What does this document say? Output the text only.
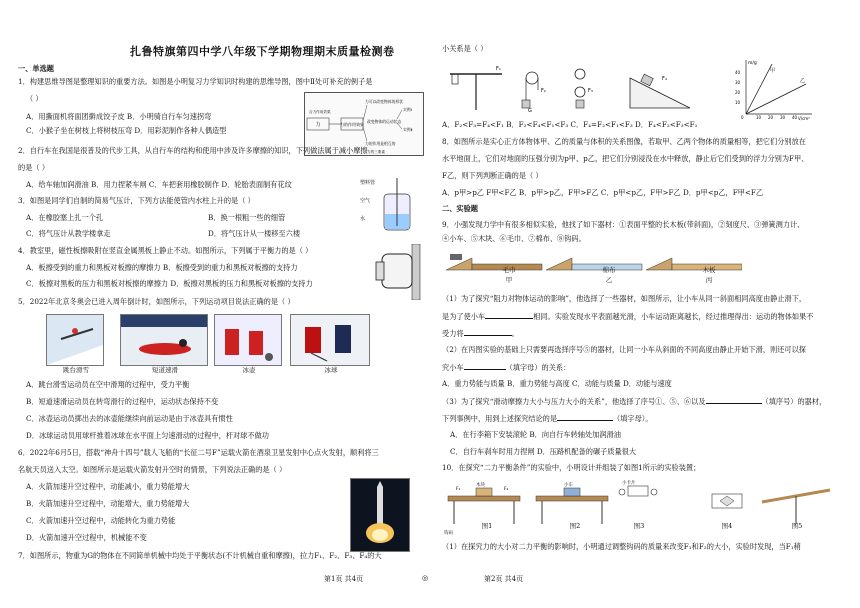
扎鲁特旗第四中学八年级下学期物理期末质量检测卷
一、单选题
1．构建思维导图是整理知识的重要方法。如图是小明复习力学知识时构建的思维导图，图中Ⅱ处可补充的例子是
（ ）
A．用撕面机将面团擀成饺子皮 B．小明骑自行车匀速拐弯
C．小猴子坐在树枝上将树枝压弯 D．用彩泥制作各种人偶造型
力	力的作用效果
力可以改变物体的形状
力的作用是相互的
改变物体的运动状态
合力作用效果	实例Ⅰ
实例Ⅱ
力的三要素
2．自行车在我国是很普及的代步工具，从自行车的结构和使用中涉及许多摩擦的知识，下列做法属于减小摩擦
的是（ ）
A．给车轴加润滑油 B．用力捏紧车闸 C．车把套用橡胶制作 D．轮胎表面制有花纹
3．如图是同学们自制的简易气压计，下列方法能使管内水柱上升的是（ ）
A．在橡胶塞上扎一个孔	B．换一根粗一些的细管
C．将气压计从教学楼拿走	D．将气压计从一楼移至六楼
塑料管
空气
水
4．教室里，磁性板擦吸附在竖直金属黑板上静止不动。如图所示，下列属于平衡力的是（ ）
A．板擦受到的重力和黑板对板擦的摩擦力 B．板擦受到的重力和黑板对板擦的支持力
C．板擦对黑板的压力和黑板对板擦的摩擦力 D．板擦对黑板的压力和黑板对板擦的支持力
5．2022年北京冬奥会已进入周年倒计时，如图所示，下列运动项目说法正确的是（ ）
跳台滑雪	短道速滑	冰壶	冰球
A．跳台滑雪运动员在空中滑翔的过程中，受力平衡
B．短道速滑运动员在转弯滑行的过程中，运动状态保持不变
C．冰壶运动员掷出去的冰壶能继续向前运动是由于冰壶具有惯性
D．冰球运动员用球杆推着冰球在水平面上匀速滑动的过程中，杆对球不做功
6．2022年6月5日，搭载“神舟十四号”载人飞船的“长征二号F”运载火箭在酒泉卫星发射中心点火发射，顺利将三
名航天员送入太空。如图所示是运载火箭发射升空时的情景，下列说法正确的是（ ）
A．火箭加速升空过程中，动能减小，重力势能增大
B．火箭加速升空过程中，动能增大，重力势能增大
C．火箭加速升空过程中，动能转化为重力势能
D．火箭加速升空过程中，机械能不变
7．如图所示，物重为G的物体在不同简单机械中均处于平衡状态(不计机械自重和摩擦)，拉力F₁、F₂、F₃、F₄的大
第1页 共4页	◎
小关系是（ ）
F₁
F₂	F₃
F₄
G
m/g
V/cm³
甲
乙
40
30
20
10
0	10 20 30 40
A．F₂<F₃=F₄<F₁ B．F₂<F₄<F₁<F₃ C．F₄=F₂<F₁<F₃ D．F₄<F₂<F₃<F₁
8．如图所示是实心正方体物体甲、乙的质量与体积的关系图像，若取甲、乙两个物体的质量相等，把它们分别放在
水平地面上，它们对地面的压强分别为p甲、p乙，把它们分别浸没在水中释放，静止后它们受到的浮力分别为F甲、
F乙，则下列判断正确的是（ ）
A．p甲>p乙 F甲<F乙 B．p甲>p乙，F甲>F乙 C．p甲<p乙，F甲>F乙 D．p甲<p乙，F甲<F乙
二、实验题
9．小强发现力学中有很多相似实验，他找了如下器材：①表面平整的长木板(带斜面)，②刻度尺、③弹簧测力计、
④小车、⑤木块、⑥毛巾、⑦棉布、⑧钩码。
毛巾
甲
棉布
乙
木板
丙
（1）为了探究“阻力对物体运动的影响”，他选择了一些器材，如图所示，让小车从同一斜面相同高度由静止滑下，
是为了使小车	相同。实验发现水平表面越光滑，小车运动距离越长，经过推理得出：运动的物体如果不
受力将	。
（2）在丙图实验的基础上只需要再选择序号⑤的器材，让同一小车从斜面的不同高度由静止开始下滑，则还可以探
究小车	（填字母）的关系：
A．重力势能与质量 B．重力势能与高度 C．动能与质量 D．动能与速度
（3）为了探究“滑动摩擦力大小与压力大小的关系”，他选择了序号①、⑤、⑥以及	（填序号）的器材，
下列事例中，用到上述探究结论的是	（填字母）。
A．在行李箱下安装滚轮 B．向自行车转轴处加润滑油
C．自行车刹车时用力捏闸 D．压路机配备的碾子质量很大
10．在探究“二力平衡条件”的实验中，小明设计并组装了如图1所示的实验装置；
木块
F₁	F₂
钩码
小车	小卡片
图1	图2	图3	图4	图5
（1）在探究力的大小对二力平衡的影响时，小明通过调整钩码的质量来改变F₁和F₂的大小，实验时发现，当F₁稍
第2页 共4页
